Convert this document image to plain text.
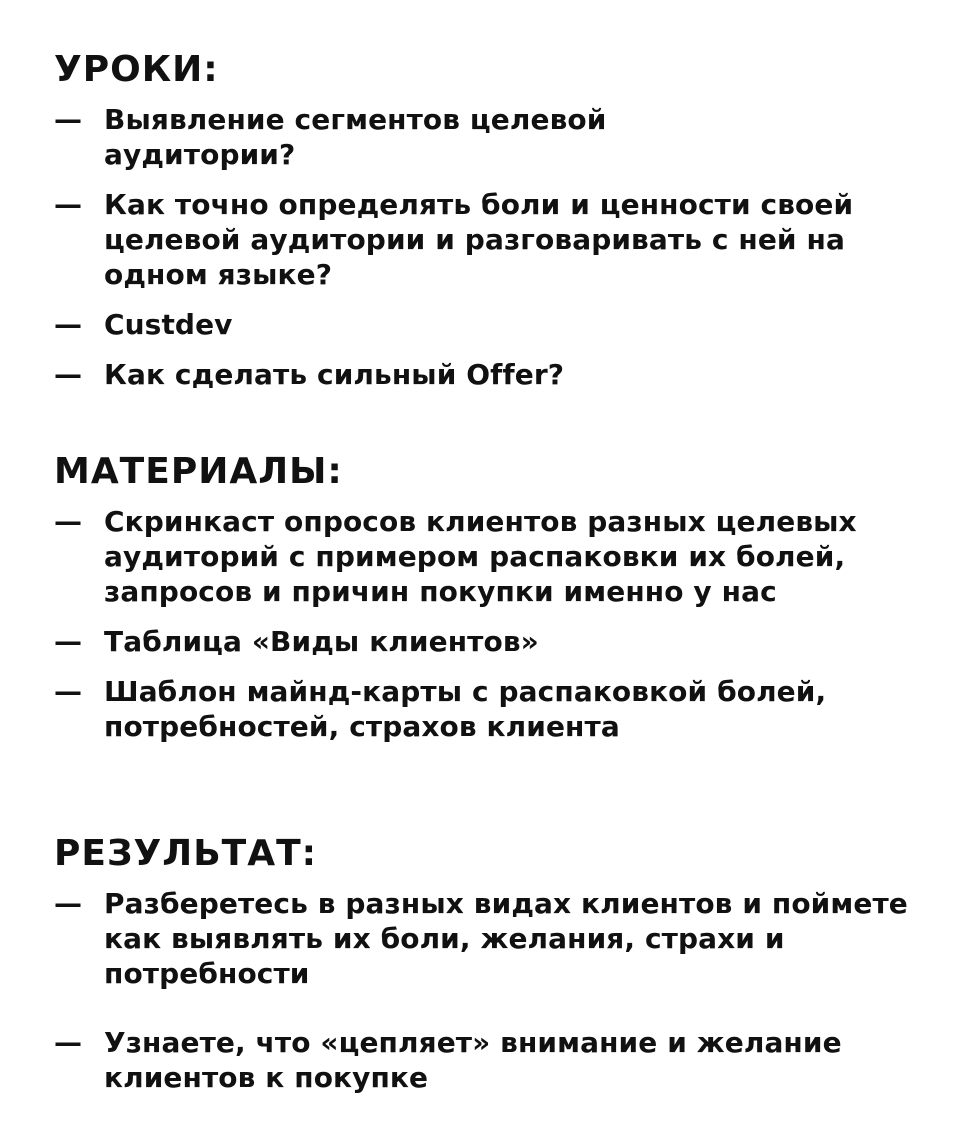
УРОКИ:
— Выявление сегментов целевой аудитории?
— Как точно определять боли и ценности своей целевой аудитории и разговаривать с ней на одном языке?
— Custdev
— Как сделать сильный Offer?
МАТЕРИАЛЫ:
— Скринкаст опросов клиентов разных целевых аудиторий с примером распаковки их болей, запросов и причин покупки именно у нас
— Таблица «Виды клиентов»
— Шаблон майнд-карты с распаковкой болей, потребностей, страхов клиента
РЕЗУЛЬТАТ:
— Разберетесь в разных видах клиентов и поймете как выявлять их боли, желания, страхи и потребности
— Узнаете, что «цепляет» внимание и желание клиентов к покупке
